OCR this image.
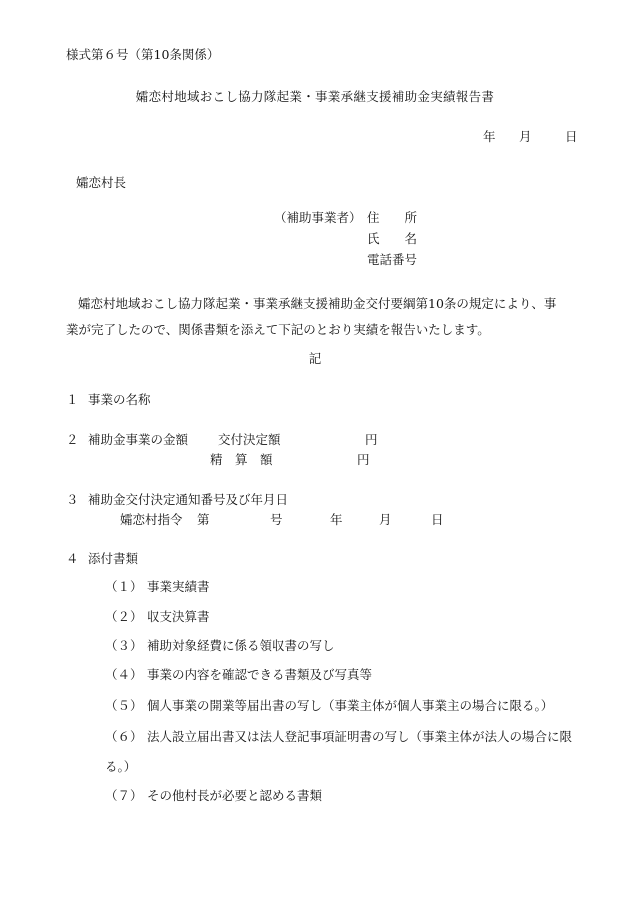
様式第６号（第10条関係）
孀恋村地域おこし協力隊起業・事業承継支援補助金実績報告書
年 月	日
孀恋村長
（補助事業者） 住　　所
氏　　名
電話番号
孀恋村地域おこし協力隊起業・事業承継支援補助金交付要綱第10条の規定により、事業が完了したので、関係書類を添えて下記のとおり実績を報告いたします。
記
１ 事業の名称
２ 補助金事業の金額 交付決定額	円
精　算　額	円
３ 補助金交付決定通知番号及び年月日
孀恋村指令 第	号	年	月	日
４ 添付書類
（１） 事業実績書
（２） 収支決算書
（３） 補助対象経費に係る領収書の写し
（４） 事業の内容を確認できる書類及び写真等
（５） 個人事業の開業等届出書の写し（事業主体が個人事業主の場合に限る。）
（６） 法人設立届出書又は法人登記事項証明書の写し（事業主体が法人の場合に限
る。）
（７） その他村長が必要と認める書類
